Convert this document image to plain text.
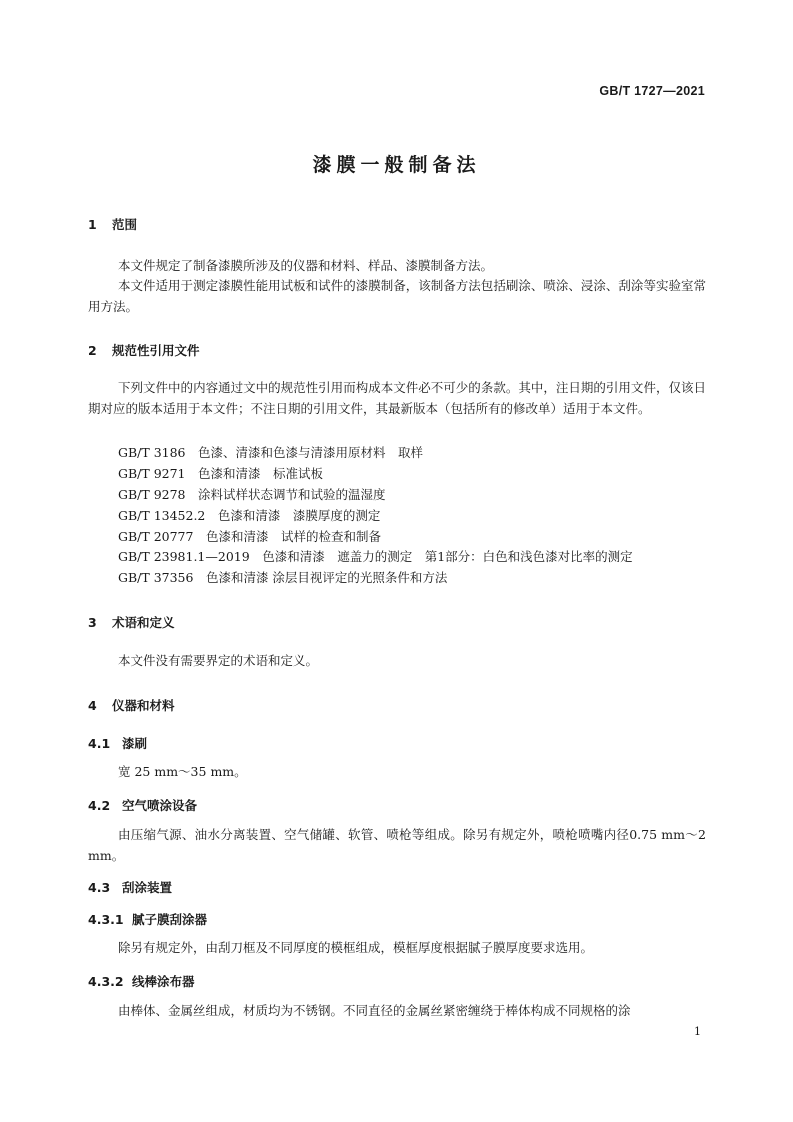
GB/T 1727—2021
漆膜一般制备法
1 范围
本文件规定了制备漆膜所涉及的仪器和材料、样品、漆膜制备方法。
本文件适用于测定漆膜性能用试板和试件的漆膜制备，该制备方法包括刷涂、喷涂、浸涂、刮涂等实验室常用方法。
2 规范性引用文件
下列文件中的内容通过文中的规范性引用而构成本文件必不可少的条款。其中，注日期的引用文件，仅该日期对应的版本适用于本文件；不注日期的引用文件，其最新版本（包括所有的修改单）适用于本文件。
GB/T 3186　色漆、清漆和色漆与清漆用原材料　取样
GB/T 9271　色漆和清漆　标准试板
GB/T 9278　涂料试样状态调节和试验的温湿度
GB/T 13452.2　色漆和清漆　漆膜厚度的测定
GB/T 20777　色漆和清漆　试样的检查和制备
GB/T 23981.1—2019　色漆和清漆　遮盖力的测定　第1部分：白色和浅色漆对比率的测定
GB/T 37356　色漆和清漆 涂层目视评定的光照条件和方法
3 术语和定义
本文件没有需要界定的术语和定义。
4 仪器和材料
4.1 漆刷
宽 25 mm～35 mm。
4.2 空气喷涂设备
由压缩气源、油水分离装置、空气储罐、软管、喷枪等组成。除另有规定外，喷枪喷嘴内径0.75 mm～2 mm。
4.3 刮涂装置
4.3.1 腻子膜刮涂器
除另有规定外，由刮刀框及不同厚度的模框组成，模框厚度根据腻子膜厚度要求选用。
4.3.2 线棒涂布器
由棒体、金属丝组成，材质均为不锈钢。不同直径的金属丝紧密缠绕于棒体构成不同规格的涂
1
